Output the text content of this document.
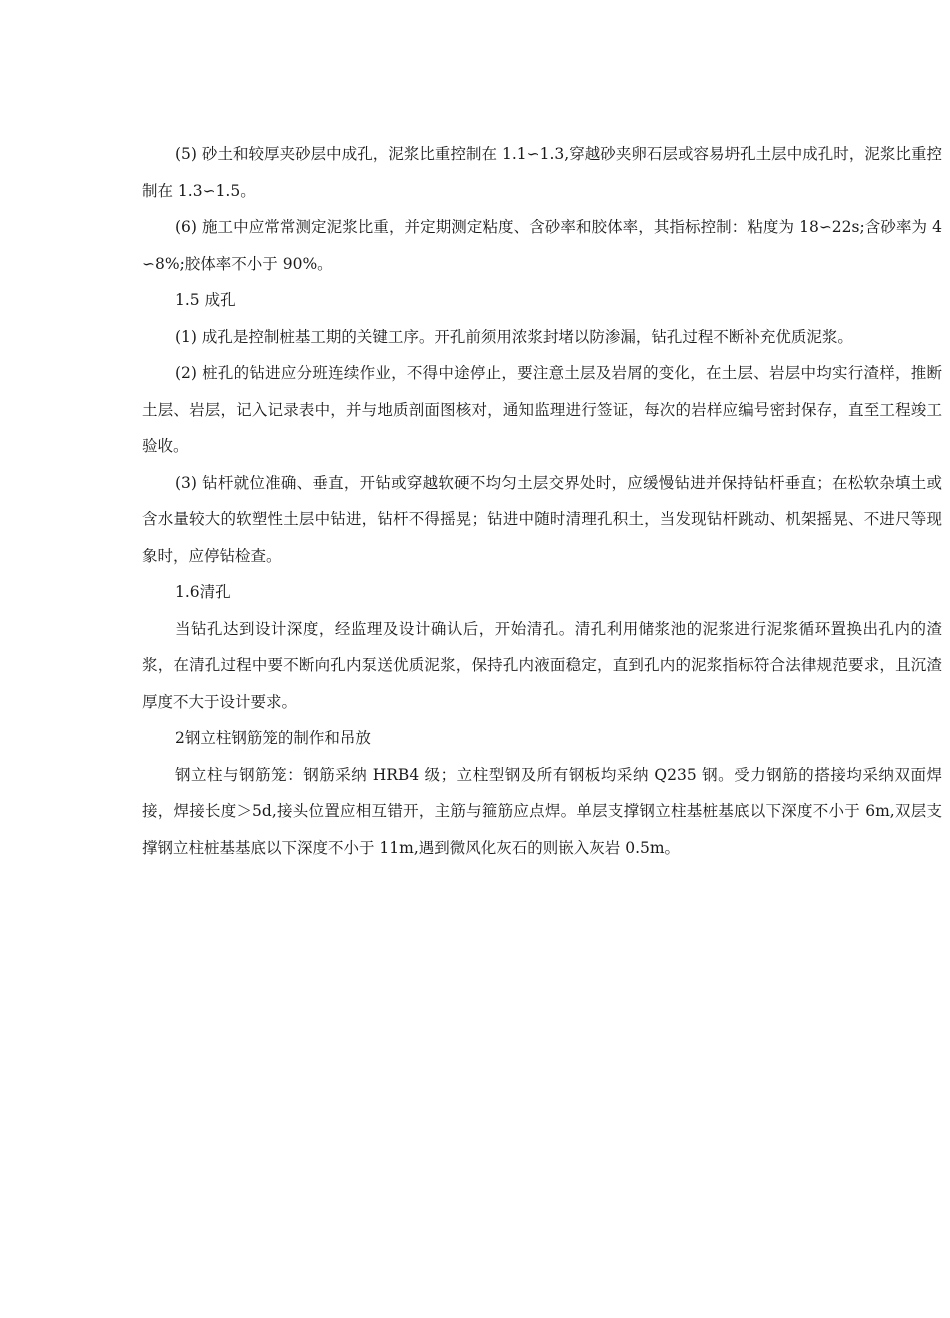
(5) 砂土和较厚夹砂层中成孔，泥浆比重控制在 1.1∽1.3,穿越砂夹卵石层或容易坍孔土层中成孔时，泥浆比重控制在 1.3∽1.5。

(6) 施工中应常常测定泥浆比重，并定期测定粘度、含砂率和胶体率，其指标控制：粘度为 18∽22s;含砂率为 4∽8%;胶体率不小于 90%。

1.5 成孔

(1) 成孔是控制桩基工期的关键工序。开孔前须用浓浆封堵以防渗漏，钻孔过程不断补充优质泥浆。

(2) 桩孔的钻进应分班连续作业，不得中途停止，要注意土层及岩屑的变化，在土层、岩层中均实行渣样，推断土层、岩层，记入记录表中，并与地质剖面图核对，通知监理进行签证，每次的岩样应编号密封保存，直至工程竣工验收。

(3) 钻杆就位准确、垂直，开钻或穿越软硬不均匀土层交界处时，应缓慢钻进并保持钻杆垂直；在松软杂填土或含水量较大的软塑性土层中钻进，钻杆不得摇晃；钻进中随时清理孔积土，当发现钻杆跳动、机架摇晃、不进尺等现象时，应停钻检查。

1.6清孔

当钻孔达到设计深度，经监理及设计确认后，开始清孔。清孔利用储浆池的泥浆进行泥浆循环置换出孔内的渣浆，在清孔过程中要不断向孔内泵送优质泥浆，保持孔内液面稳定，直到孔内的泥浆指标符合法律规范要求，且沉渣厚度不大于设计要求。

2钢立柱钢筋笼的制作和吊放

钢立柱与钢筋笼：钢筋采纳 HRB4 级；立柱型钢及所有钢板均采纳 Q235 钢。受力钢筋的搭接均采纳双面焊接，焊接长度＞5d,接头位置应相互错开，主筋与箍筋应点焊。单层支撑钢立柱基桩基底以下深度不小于 6m,双层支撑钢立柱桩基基底以下深度不小于 11m,遇到微风化灰石的则嵌入灰岩 0.5m。
